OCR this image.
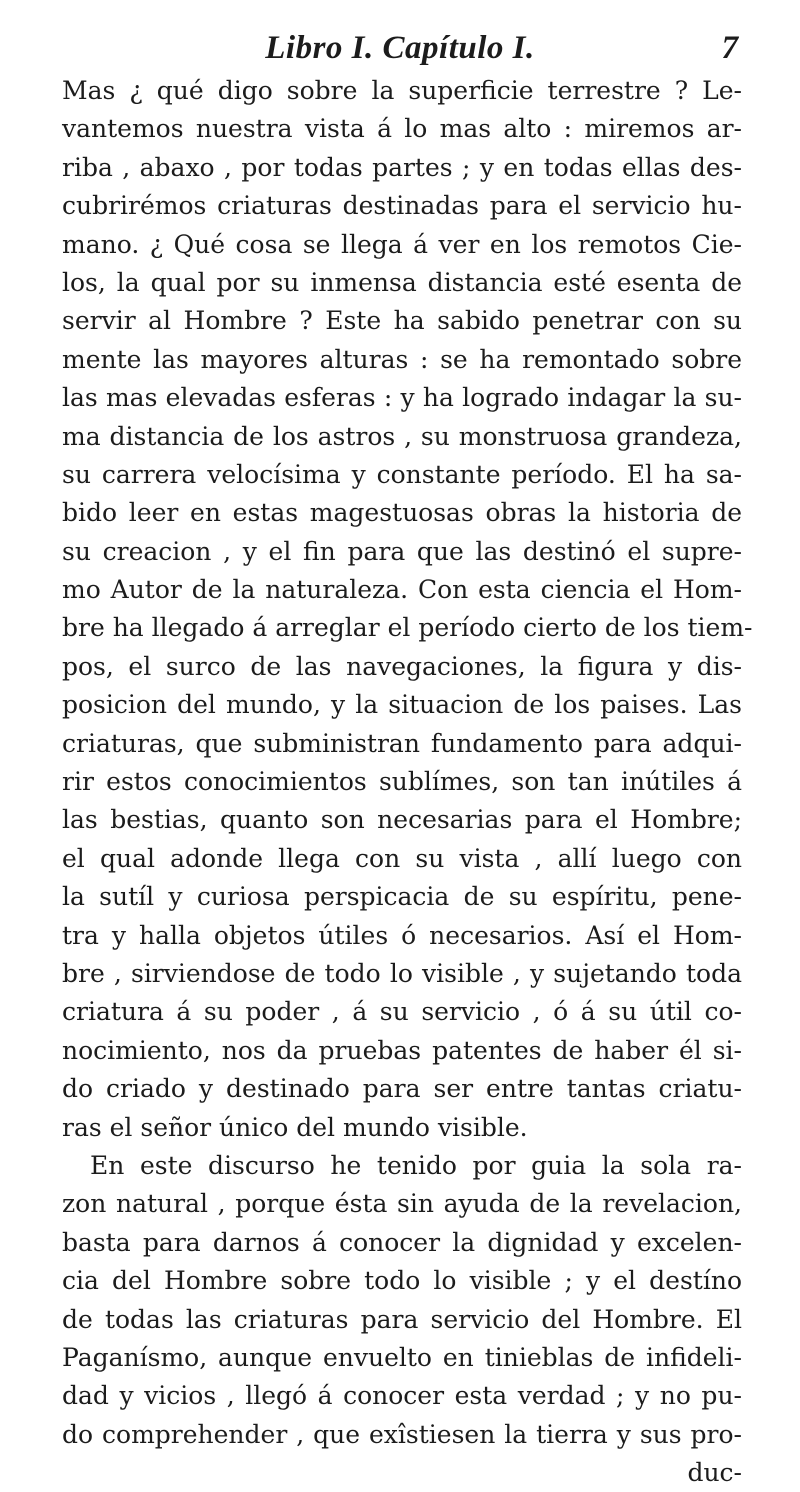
Libro I. Capítulo I.	7
Mas ¿ qué digo sobre la superficie terrestre ? Le-
vantemos nuestra vista á lo mas alto : miremos ar-
riba , abaxo , por todas partes ; y en todas ellas des-
cubrirémos criaturas destinadas para el servicio hu-
mano. ¿ Qué cosa se llega á ver en los remotos Cie-
los, la qual por su inmensa distancia esté esenta de
servir al Hombre ? Este ha sabido penetrar con su
mente las mayores alturas : se ha remontado sobre
las mas elevadas esferas : y ha logrado indagar la su-
ma distancia de los astros , su monstruosa grandeza,
su carrera velocísima y constante período. El ha sa-
bido leer en estas magestuosas obras la historia de
su creacion , y el fin para que las destinó el supre-
mo Autor de la naturaleza. Con esta ciencia el Hom-
bre ha llegado á arreglar el período cierto de los tiem-
pos, el surco de las navegaciones, la figura y dis-
posicion del mundo, y la situacion de los paises. Las
criaturas, que subministran fundamento para adqui-
rir estos conocimientos sublímes, son tan inútiles á
las bestias, quanto son necesarias para el Hombre;
el qual adonde llega con su vista , allí luego con
la sutíl y curiosa perspicacia de su espíritu, pene-
tra y halla objetos útiles ó necesarios. Así el Hom-
bre , sirviendose de todo lo visible , y sujetando toda
criatura á su poder , á su servicio , ó á su útil co-
nocimiento, nos da pruebas patentes de haber él si-
do criado y destinado para ser entre tantas criatu-
ras el señor único del mundo visible.
En este discurso he tenido por guia la sola ra-
zon natural , porque ésta sin ayuda de la revelacion,
basta para darnos á conocer la dignidad y excelen-
cia del Hombre sobre todo lo visible ; y el destíno
de todas las criaturas para servicio del Hombre. El
Paganísmo, aunque envuelto en tinieblas de infideli-
dad y vicios , llegó á conocer esta verdad ; y no pu-
do comprehender , que exîstiesen la tierra y sus pro-
duc-
